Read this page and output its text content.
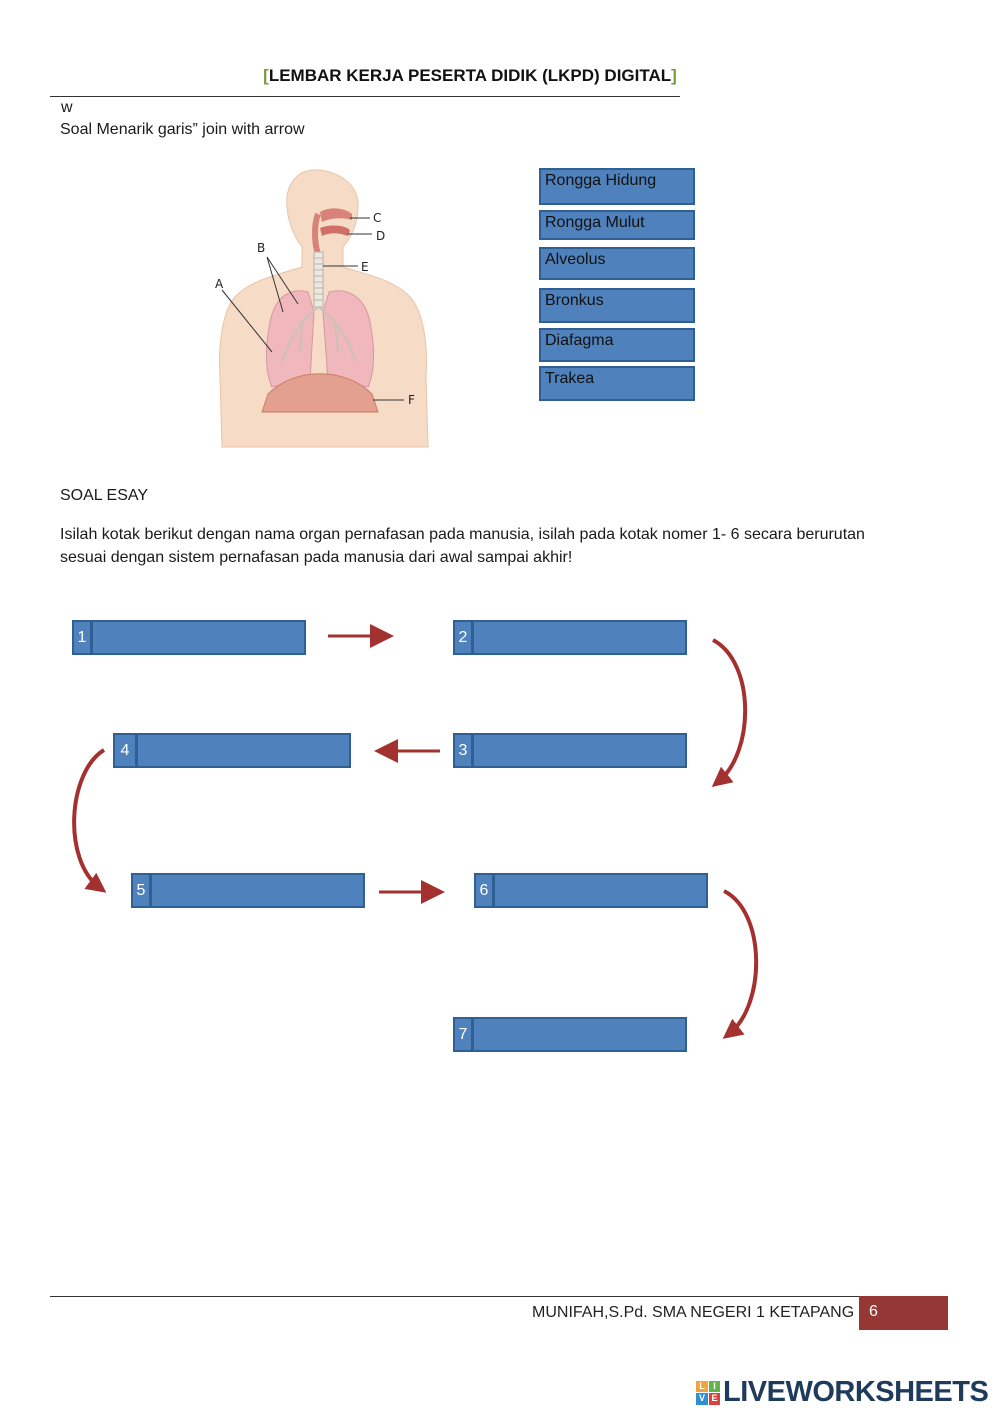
[LEMBAR KERJA PESERTA DIDIK (LKPD) DIGITAL]
w
Soal Menarik garis” join with arrow
C
D
E
B
A
F
Rongga Hidung
Rongga Mulut
Alveolus
Bronkus
Diafagma
Trakea
SOAL ESAY
Isilah kotak berikut dengan nama organ pernafasan pada manusia, isilah pada kotak nomer 1- 6 secara berurutan
sesuai dengan sistem pernafasan pada manusia dari awal sampai akhir!
1	2
3
4
5	6
7
MUNIFAH,S.Pd. SMA NEGERI 1 KETAPANG 6
L I
V E LIVEWORKSHEETS
